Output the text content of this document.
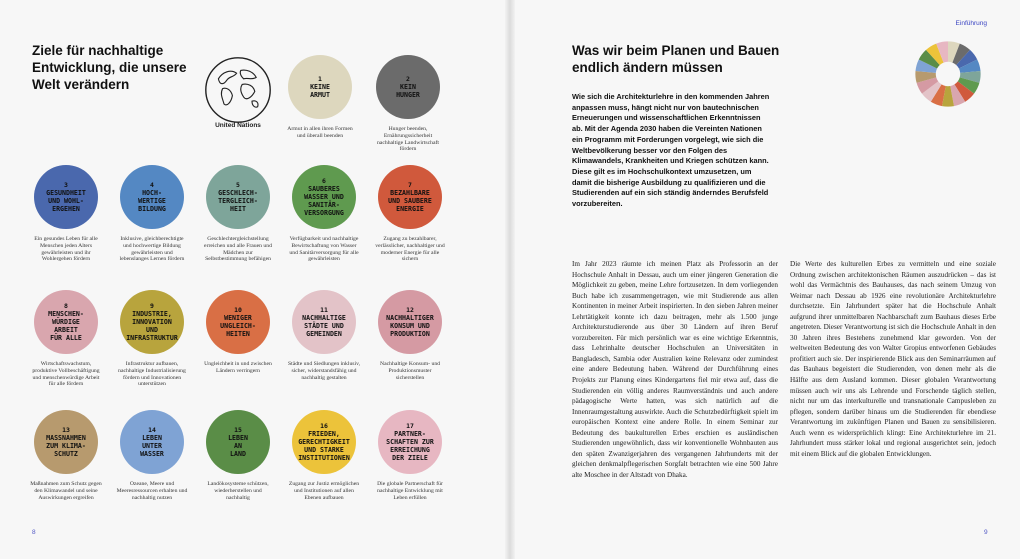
Ziele für nachhaltige Entwicklung, die unsere Welt verändern
United Nations
1
KEINE
ARMUT
Armut in allen ihren Formen und überall beenden
2
KEIN
HUNGER
Hunger beenden, Ernährungssicherheit nachhaltige Landwirtschaft fördern
3
GESUNDHEIT
UND WOHL-
ERGEHEN
Ein gesundes Leben für alle Menschen jeden Alters gewährleisten und ihr Wohlergehen fördern
4
HOCH-
WERTIGE
BILDUNG
Inklusive, gleichberechtigte und hochwertige Bildung gewährleisten und lebenslanges Lernen fördern
5
GESCHLECH-
TERGLEICH-
HEIT
Geschlechtergleichstellung erreichen und alle Frauen und Mädchen zur Selbstbestimmung befähigen
6
SAUBERES
WASSER UND
SANITÄR-
VERSORGUNG
Verfügbarkeit und nachhaltige Bewirtschaftung von Wasser und Sanitärversorgung für alle gewährleisten
7
BEZAHLBARE
UND SAUBERE
ENERGIE
Zugang zu bezahlbarer, verlässlicher, nachhaltiger und moderner Energie für alle sichern
8
MENSCHEN-
WÜRDIGE
ARBEIT
FÜR ALLE
Wirtschaftswachstum, produktive Vollbeschäftigung und menschenwürdige Arbeit für alle fördern
9
INDUSTRIE,
INNOVATION UND
INFRASTRUKTUR
Infrastruktur aufbauen, nachhaltige Industrialisierung fördern und Innovationen unterstützen
10
WENIGER
UNGLEICH-
HEITEN
Ungleichheit in und zwischen Ländern verringern
11
NACHHALTIGE
STÄDTE UND
GEMEINDEN
Städte und Siedlungen inklusiv, sicher, widerstandsfähig und nachhaltig gestalten
12
NACHHALTIGER
KONSUM UND
PRODUKTION
Nachhaltige Konsum- und Produktionsmuster sicherstellen
13
MASSNAHMEN
ZUM KLIMA-
SCHUTZ
Maßnahmen zum Schutz gegen den Klimawandel und seine Auswirkungen ergreifen
14
LEBEN
UNTER
WASSER
Ozeane, Meere und Meeresressourcen erhalten und nachhaltig nutzen
15
LEBEN
AN
LAND
Landökosysteme schützen, wiederherstellen und nachhaltig
16
FRIEDEN,
GERECHTIGKEIT
UND STARKE
INSTITUTIONEN
Zugang zur Justiz ermöglichen und Institutionen auf allen Ebenen aufbauen
17
PARTNER-
SCHAFTEN ZUR
ERREICHUNG
DER ZIELE
Die globale Partnerschaft für nachhaltige Entwicklung mit Leben erfüllen
8
Einführung
Was wir beim Planen und Bauen endlich ändern müssen
Wie sich die Architekturlehre in den kommenden Jahren anpassen muss, hängt nicht nur von bautechnischen Erneuerungen und wissenschaftlichen Erkenntnissen ab. Mit der Agenda 2030 haben die Vereinten Nationen ein Programm mit Forderungen vorgelegt, wie sich die Weltbevölkerung besser vor den Folgen des Klimawandels, Krankheiten und Kriegen schützen kann. Diese gilt es im Hochschulkontext umzusetzen, um damit die bisherige Ausbildung zu qualifizieren und die Studierenden auf ein sich ständig änderndes Berufsfeld vorzubereiten.
Im Jahr 2023 räumte ich meinen Platz als Professorin an der Hochschule Anhalt in Dessau, auch um einer jüngeren Generation die Möglichkeit zu geben, meine Lehre fortzusetzen. In dem vorliegenden Buch habe ich zusammengetragen, wie mit Studierende aus allen Kontinenten in meiner Arbeit inspirierten. In den sieben Jahren meiner Lehrtätigkeit konnte ich dazu beitragen, mehr als 1.500 junge Architekturstudierende aus über 30 Ländern auf ihren Beruf vorzubereiten. Für mich persönlich war es eine wichtige Erkenntnis, dass Lehrinhalte deutscher Hochschulen an Universitäten in Bangladesch, Sambia oder Australien keine Relevanz oder zumindest eine andere Bedeutung haben. Während der Durchführung eines Projekts zur Planung eines Kindergartens fiel mir etwa auf, dass die Studierenden ein völlig anderes Raumverständnis und auch andere pädagogische Werte hatten, was sich natürlich auf die Innenraumgestaltung auswirkte. Auch die Schutzbedürftigkeit spielt im europäischen Kontext eine andere Rolle. In einem Seminar zur Bedeutung des baukulturellen Erbes erschien es ausländischen Studierenden ungewöhnlich, dass wir konventionelle Wohnbauten aus den späten Zwanzigerjahren des vergangenen Jahrhunderts mit der gleichen denkmalpflegerischen Sorgfalt betrachten wie eine 500 Jahre alte Moschee in der Altstadt von Dhaka.
Die Werte des kulturellen Erbes zu vermitteln und eine soziale Ordnung zwischen architektonischen Räumen auszudrücken – das ist wohl das Vermächtnis des Bauhauses, das nach seinem Umzug von Weimar nach Dessau ab 1926 eine revolutionäre Architekturlehre durchsetzte. Ein Jahrhundert später hat die Hochschule Anhalt aufgrund ihrer unmittelbaren Nachbarschaft zum Bauhaus dieses Erbe angetreten. Dieser Verantwortung ist sich die Hochschule Anhalt in den 30 Jahren ihres Bestehens zunehmend klar geworden. Von der weltweiten Bedeutung des von Walter Gropius entworfenen Gebäudes profitiert auch sie. Der inspirierende Blick aus den Seminarräumen auf das Bauhaus begeistert die Studierenden, von denen mehr als die Hälfte aus dem Ausland kommen. Dieser globalen Verantwortung müssen auch wir uns als Lehrende und Forschende täglich stellen, nicht nur um das interkulturelle und transnationale Campusleben zu pflegen, sondern darüber hinaus um die Studierenden für ebendiese Verantwortung im zukünftigen Planen und Bauen zu sensibilisieren. Auch wenn es widersprüchlich klingt: Eine Architekturlehre im 21. Jahrhundert muss stärker lokal und regional ausgerichtet sein, jedoch mit einem Blick auf die globalen Entwicklungen.
9
